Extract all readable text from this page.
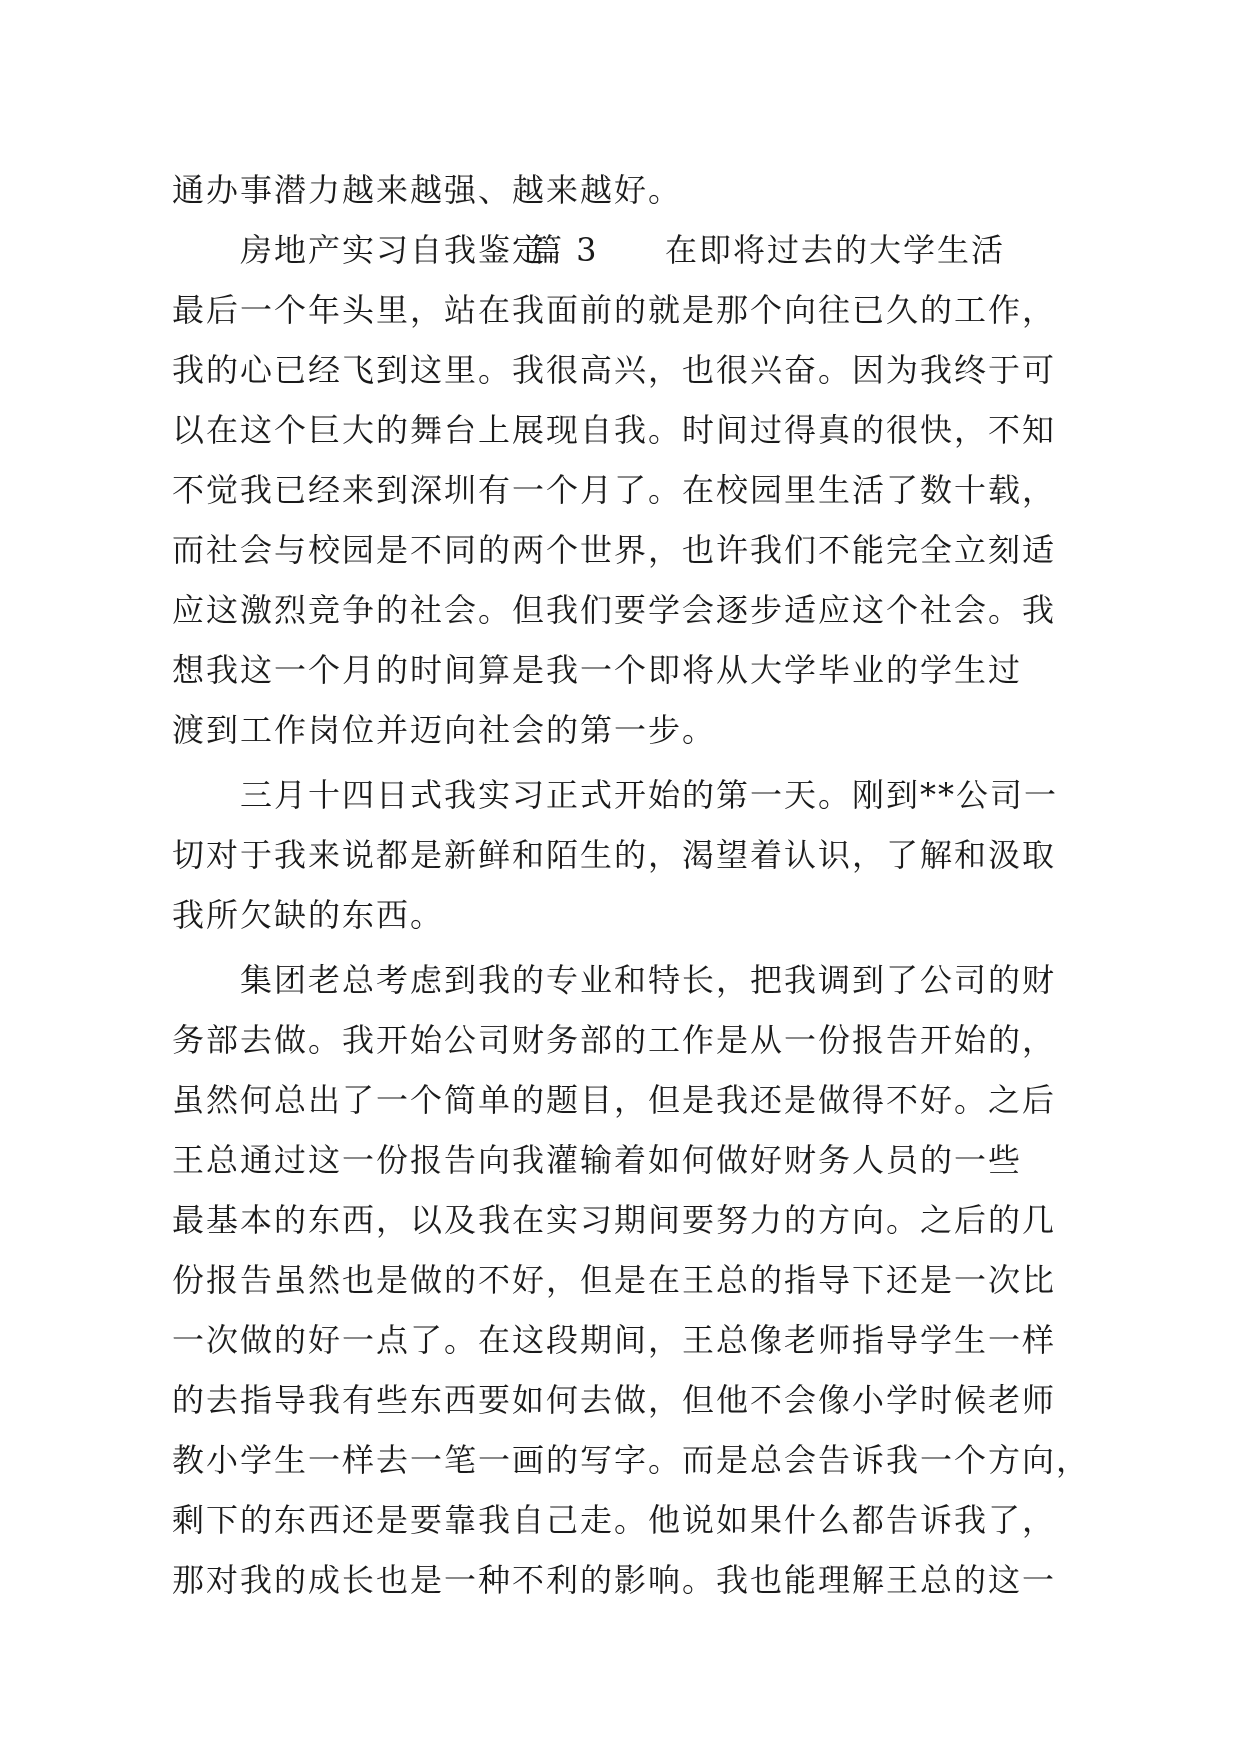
通办事潜力越来越强、越来越好。
房地产实习自我鉴定
篇 3 在即将过去的大学生活
最后一个年头里，站在我面前的就是那个向往已久的工作，
我的心已经飞到这里。我很高兴，也很兴奋。因为我终于可
以在这个巨大的舞台上展现自我。时间过得真的很快，不知
不觉我已经来到深圳有一个月了。在校园里生活了数十载，
而社会与校园是不同的两个世界，也许我们不能完全立刻适
应这激烈竞争的社会。但我们要学会逐步适应这个社会。我
想我这一个月的时间算是我一个即将从大学毕业的学生过
渡到工作岗位并迈向社会的第一步。
三月十四日式我实习正式开始的第一天。刚到**公司一
切对于我来说都是新鲜和陌生的，渴望着认识，了解和汲取
我所欠缺的东西。
集团老总考虑到我的专业和特长，把我调到了公司的财
务部去做。我开始公司财务部的工作是从一份报告开始的，
虽然何总出了一个简单的题目，但是我还是做得不好。之后
王总通过这一份报告向我灌输着如何做好财务人员的一些
最基本的东西，以及我在实习期间要努力的方向。之后的几
份报告虽然也是做的不好，但是在王总的指导下还是一次比
一次做的好一点了。在这段期间，王总像老师指导学生一样
的去指导我有些东西要如何去做，但他不会像小学时候老师
教小学生一样去一笔一画的写字。而是总会告诉我一个方向，
剩下的东西还是要靠我自己走。他说如果什么都告诉我了，
那对我的成长也是一种不利的影响。我也能理解王总的这一
